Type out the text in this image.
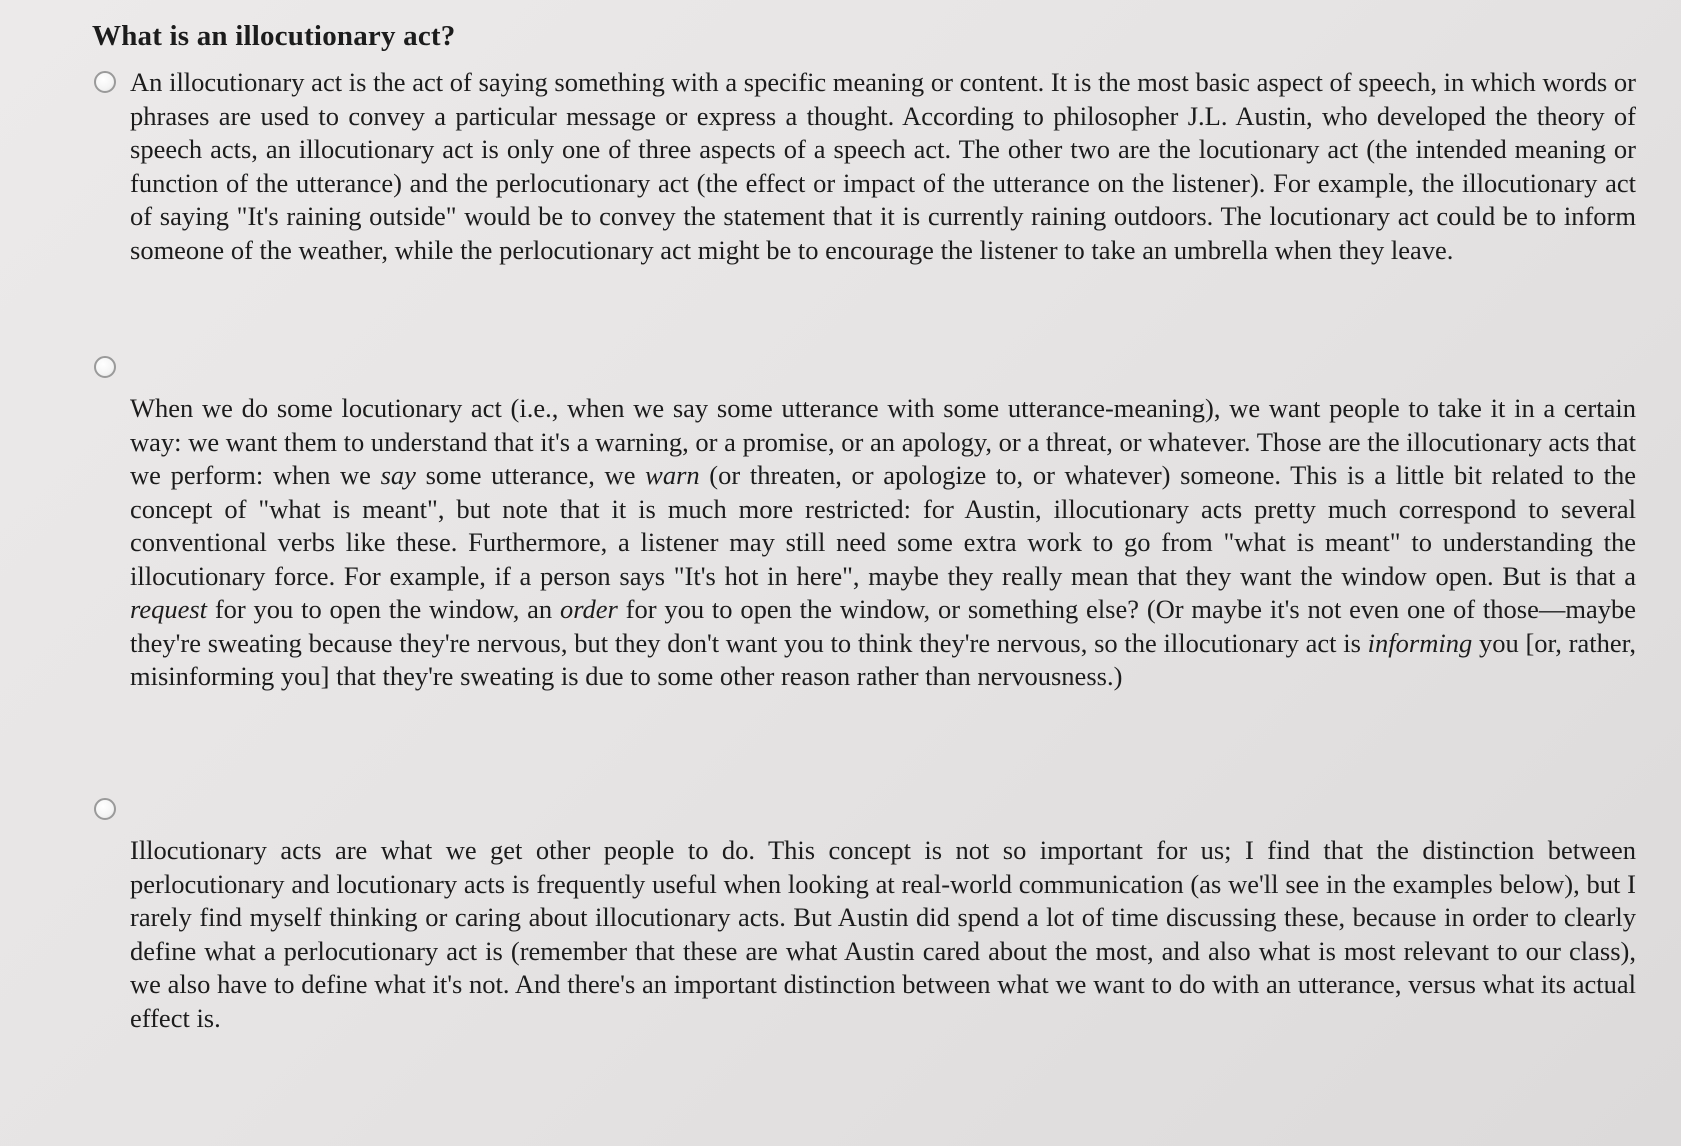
What is an illocutionary act?
An illocutionary act is the act of saying something with a specific meaning or content. It is the most basic aspect of speech, in which words or phrases are used to convey a particular message or express a thought. According to philosopher J.L. Austin, who developed the theory of speech acts, an illocutionary act is only one of three aspects of a speech act. The other two are the locutionary act (the intended meaning or function of the utterance) and the perlocutionary act (the effect or impact of the utterance on the listener). For example, the illocutionary act of saying "It's raining outside" would be to convey the statement that it is currently raining outdoors. The locutionary act could be to inform someone of the weather, while the perlocutionary act might be to encourage the listener to take an umbrella when they leave.
When we do some locutionary act (i.e., when we say some utterance with some utterance-meaning), we want people to take it in a certain way: we want them to understand that it's a warning, or a promise, or an apology, or a threat, or whatever. Those are the illocutionary acts that we perform: when we say some utterance, we warn (or threaten, or apologize to, or whatever) someone. This is a little bit related to the concept of "what is meant", but note that it is much more restricted: for Austin, illocutionary acts pretty much correspond to several conventional verbs like these. Furthermore, a listener may still need some extra work to go from "what is meant" to understanding the illocutionary force. For example, if a person says "It's hot in here", maybe they really mean that they want the window open. But is that a request for you to open the window, an order for you to open the window, or something else? (Or maybe it's not even one of those—maybe they're sweating because they're nervous, but they don't want you to think they're nervous, so the illocutionary act is informing you [or, rather, misinforming you] that they're sweating is due to some other reason rather than nervousness.)
Illocutionary acts are what we get other people to do. This concept is not so important for us; I find that the distinction between perlocutionary and locutionary acts is frequently useful when looking at real-world communication (as we'll see in the examples below), but I rarely find myself thinking or caring about illocutionary acts. But Austin did spend a lot of time discussing these, because in order to clearly define what a perlocutionary act is (remember that these are what Austin cared about the most, and also what is most relevant to our class), we also have to define what it's not. And there's an important distinction between what we want to do with an utterance, versus what its actual effect is.
